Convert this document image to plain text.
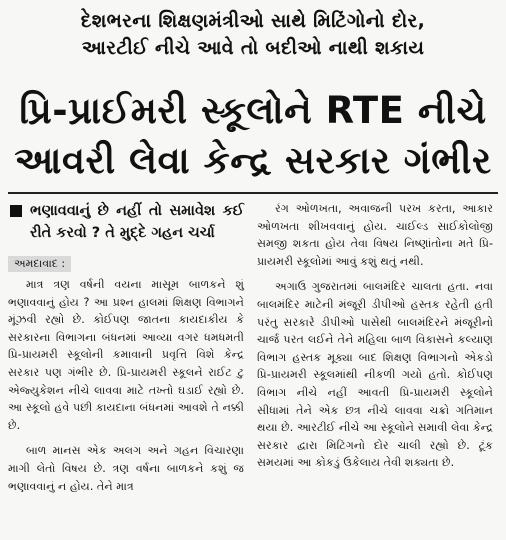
દેશભરના શિક્ષણમંત્રીઓ સાથે મિટિંગોનો દોર,
આરટીઈ નીચે આવે તો બદીઓ નાથી શકાય
પ્રિ-પ્રાઈમરી સ્કૂલોને RTE નીચે
આવરી લેવા કેન્દ્ર સરકાર ગંભીર
ભણાવવાનું છે નહીં તો સમાવેશ કઈ રીતે કરવો ? તે મુદ્દે ગહન ચર્ચા
અમદાવાદ :

માત્ર ત્રણ વર્ષની વયના માસૂમ બાળકને શું ભણાવવાનું હોય ? આ પ્રશ્ન હાલમાં શિક્ષણ વિભાગને મૂંઝવી રહ્યો છે. કોઈપણ જાતના કાયદાકીય કે સરકારના વિભાગના બંધનમાં આવ્યા વગર ધમધમતી પ્રિ-પ્રાયમરી સ્કૂલોની કમાવાની પ્રવૃત્તિ વિશે કેન્દ્ર સરકાર પણ ગંભીર છે. પ્રિ-પ્રાયમરી સ્કૂલને રાઈટ ટુ એજ્યુકેશન નીચે લાવવા માટે તખ્તો ઘડાઈ રહ્યો છે. આ સ્કૂલો હવે પછી કાયદાના બંધનમાં આવશે તે નક્કી છે.

બાળ માનસ એક અલગ અને ગહન વિચારણા માગી લેતો વિષય છે. ત્રણ વર્ષના બાળકને કશું જ ભણાવવાનું ન હોય. તેને માત્ર

રંગ ઓળખતા, અવાજની પરખ કરતા, આકાર ઓળખતા શીખવવાનું હોય. ચાઈલ્ડ સાઈકોલોજી સમજી શકતા હોય તેવા વિષય નિષ્ણાંતોના મતે પ્રિ-પ્રાયમરી સ્કૂલોમાં આવું કશું થતું નથી.

અગાઉ ગુજરાતમાં બાલમંદિર ચાલતા હતા. નવા બાલમંદિર માટેની મંજૂરી ડીપીઓ હસ્તક રહેતી હતી પરંતુ સરકારે ડીપીઓ પાસેથી બાલમંદિરને મંજૂરીનો ચાર્જ પરત લઈને તેને મહિલા બાળ વિકાસને કલ્યાણ વિભાગ હસ્તક મૂક્યા બાદ શિક્ષણ વિભાગનો એકડો પ્રિ-પ્રાયમરી સ્કૂલમાંથી નીકળી ગયો હતો. કોઈપણ વિભાગ નીચે નહીં આવતી પ્રિ-પ્રાયમરી સ્કૂલોને સીધામાં તેને એક છત્ર નીચે લાવવા ચક્રો ગતિમાન થયા છે. આરટીઈ નીચે આ સ્કૂલોને સમાવી લેવા કેન્દ્ર સરકાર દ્વારા મિટિંગનો દોર ચાલી રહ્યો છે. ટૂંક સમયમાં આ કોકડું ઉકેલાય તેવી શક્યતા છે.
